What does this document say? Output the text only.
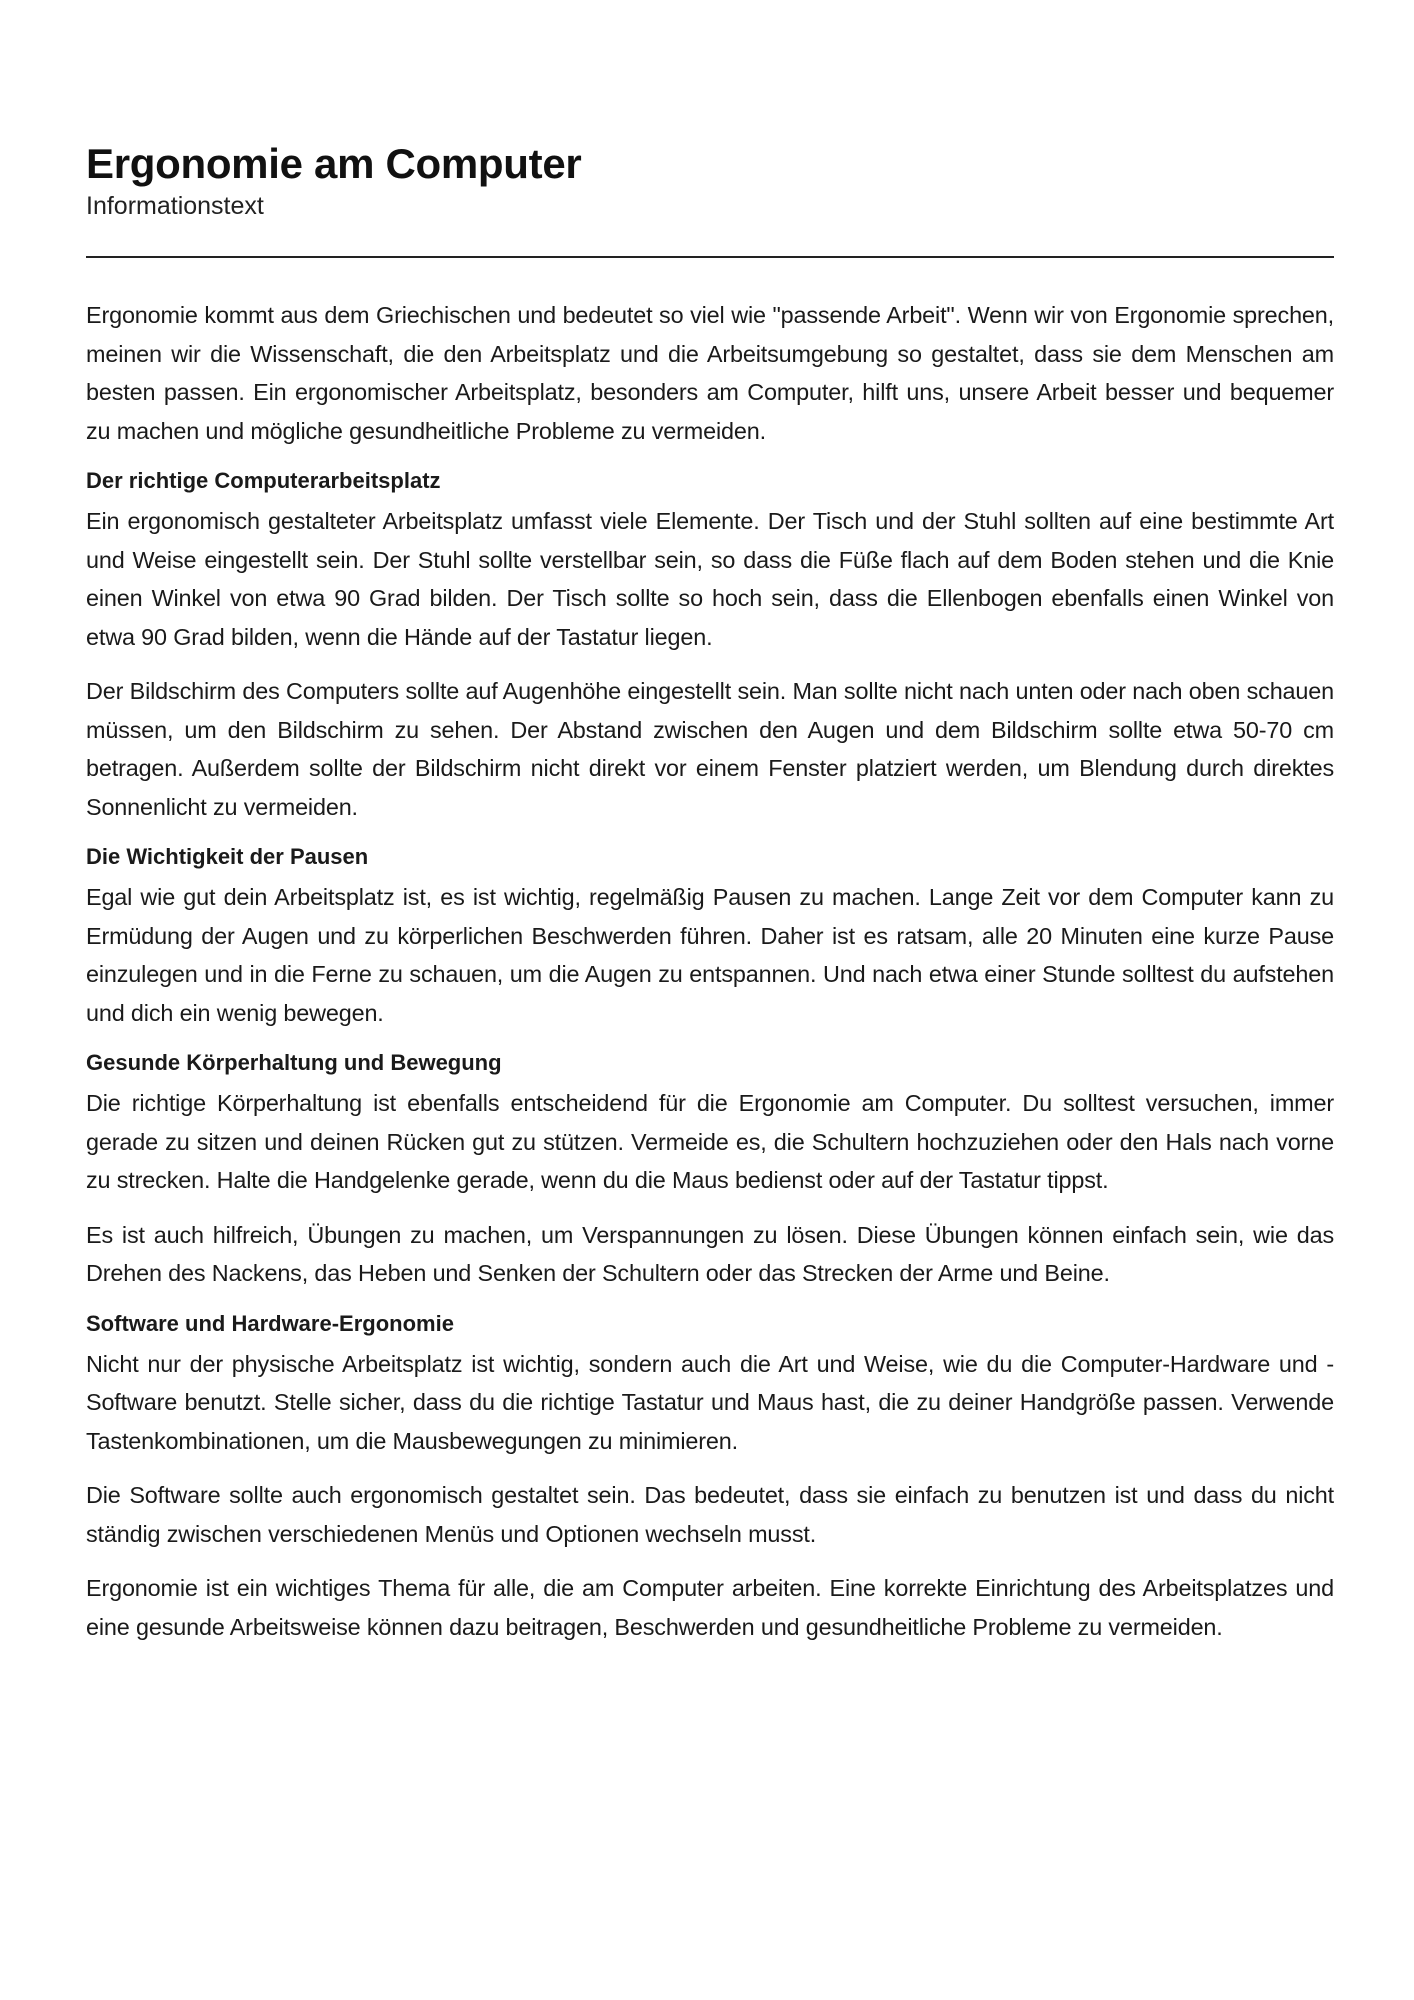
Ergonomie am Computer

Informationstext

Ergonomie kommt aus dem Griechischen und bedeutet so viel wie "passende Arbeit". Wenn wir von Ergonomie sprechen, meinen wir die Wissenschaft, die den Arbeitsplatz und die Arbeitsumgebung so gestaltet, dass sie dem Menschen am besten passen. Ein ergonomischer Arbeitsplatz, besonders am Computer, hilft uns, unsere Arbeit besser und bequemer zu machen und mögliche gesundheitliche Probleme zu vermeiden.

Der richtige Computerarbeitsplatz

Ein ergonomisch gestalteter Arbeitsplatz umfasst viele Elemente. Der Tisch und der Stuhl sollten auf eine bestimmte Art und Weise eingestellt sein. Der Stuhl sollte verstellbar sein, so dass die Füße flach auf dem Boden stehen und die Knie einen Winkel von etwa 90 Grad bilden. Der Tisch sollte so hoch sein, dass die Ellenbogen ebenfalls einen Winkel von etwa 90 Grad bilden, wenn die Hände auf der Tastatur liegen.

Der Bildschirm des Computers sollte auf Augenhöhe eingestellt sein. Man sollte nicht nach unten oder nach oben schauen müssen, um den Bildschirm zu sehen. Der Abstand zwischen den Augen und dem Bildschirm sollte etwa 50-70 cm betragen. Außerdem sollte der Bildschirm nicht direkt vor einem Fenster platziert werden, um Blendung durch direktes Sonnenlicht zu vermeiden.

Die Wichtigkeit der Pausen

Egal wie gut dein Arbeitsplatz ist, es ist wichtig, regelmäßig Pausen zu machen. Lange Zeit vor dem Computer kann zu Ermüdung der Augen und zu körperlichen Beschwerden führen. Daher ist es ratsam, alle 20 Minuten eine kurze Pause einzulegen und in die Ferne zu schauen, um die Augen zu entspannen. Und nach etwa einer Stunde solltest du aufstehen und dich ein wenig bewegen.

Gesunde Körperhaltung und Bewegung

Die richtige Körperhaltung ist ebenfalls entscheidend für die Ergonomie am Computer. Du solltest versuchen, immer gerade zu sitzen und deinen Rücken gut zu stützen. Vermeide es, die Schultern hochzuziehen oder den Hals nach vorne zu strecken. Halte die Handgelenke gerade, wenn du die Maus bedienst oder auf der Tastatur tippst.

Es ist auch hilfreich, Übungen zu machen, um Verspannungen zu lösen. Diese Übungen können einfach sein, wie das Drehen des Nackens, das Heben und Senken der Schultern oder das Strecken der Arme und Beine.

Software und Hardware-Ergonomie

Nicht nur der physische Arbeitsplatz ist wichtig, sondern auch die Art und Weise, wie du die Computer-Hardware und -Software benutzt. Stelle sicher, dass du die richtige Tastatur und Maus hast, die zu deiner Handgröße passen. Verwende Tastenkombinationen, um die Mausbewegungen zu minimieren.

Die Software sollte auch ergonomisch gestaltet sein. Das bedeutet, dass sie einfach zu benutzen ist und dass du nicht ständig zwischen verschiedenen Menüs und Optionen wechseln musst.

Ergonomie ist ein wichtiges Thema für alle, die am Computer arbeiten. Eine korrekte Einrichtung des Arbeitsplatzes und eine gesunde Arbeitsweise können dazu beitragen, Beschwerden und gesundheitliche Probleme zu vermeiden.
